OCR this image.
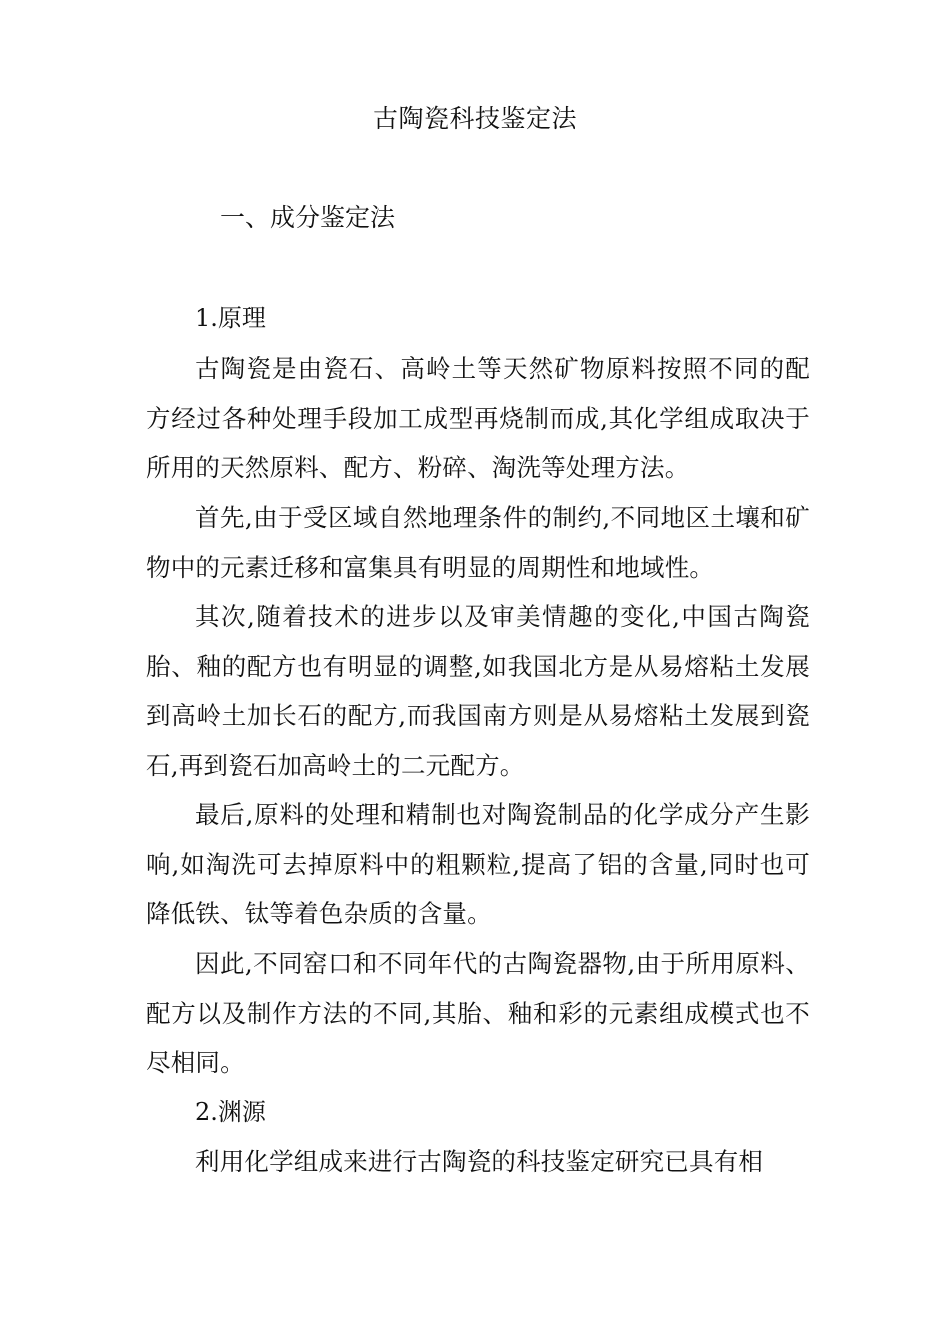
古陶瓷科技鉴定法
一、成分鉴定法
1.原理

古陶瓷是由瓷石、高岭土等天然矿物原料按照不同的配方经过各种处理手段加工成型再烧制而成,其化学组成取决于所用的天然原料、配方、粉碎、淘洗等处理方法。

首先,由于受区域自然地理条件的制约,不同地区土壤和矿物中的元素迁移和富集具有明显的周期性和地域性。

其次,随着技术的进步以及审美情趣的变化,中国古陶瓷胎、釉的配方也有明显的调整,如我国北方是从易熔粘土发展到高岭土加长石的配方,而我国南方则是从易熔粘土发展到瓷石,再到瓷石加高岭土的二元配方。

最后,原料的处理和精制也对陶瓷制品的化学成分产生影响,如淘洗可去掉原料中的粗颗粒,提高了铝的含量,同时也可降低铁、钛等着色杂质的含量。

因此,不同窑口和不同年代的古陶瓷器物,由于所用原料、配方以及制作方法的不同,其胎、釉和彩的元素组成模式也不尽相同。

2.渊源

利用化学组成来进行古陶瓷的科技鉴定研究已具有相
